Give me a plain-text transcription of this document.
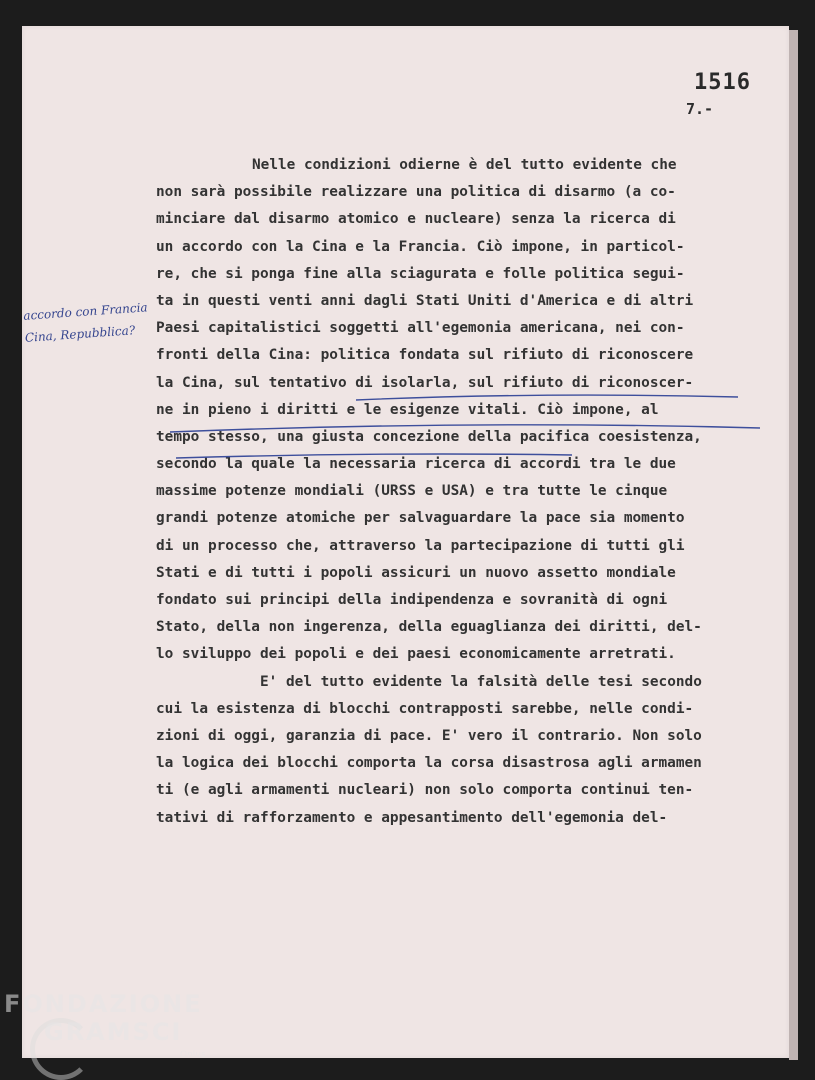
1516
7.-
accordo con Francia
Cina, Repubblica?
Nelle condizioni odierne è del tutto evidente che
non sarà possibile realizzare una politica di disarmo (a co-
minciare dal disarmo atomico e nucleare) senza la ricerca di
un accordo con la Cina e la Francia. Ciò impone, in particol-
re, che si ponga fine alla sciagurata e folle politica segui-
ta in questi venti anni dagli Stati Uniti d'America e di altri
Paesi capitalistici soggetti all'egemonia americana, nei con-
fronti della Cina: politica fondata sul rifiuto di riconoscere
la Cina, sul tentativo di isolarla, sul rifiuto di riconoscer-
ne in pieno i diritti e le esigenze vitali. Ciò impone, al
tempo stesso, una giusta concezione della pacifica coesistenza,
secondo la quale la necessaria ricerca di accordi tra le due
massime potenze mondiali (URSS e USA) e tra tutte le cinque
grandi potenze atomiche per salvaguardare la pace sia momento
di un processo che, attraverso la partecipazione di tutti gli
Stati e di tutti i popoli assicuri un nuovo assetto mondiale
fondato sui principi della indipendenza e sovranità di ogni
Stato, della non ingerenza, della eguaglianza dei diritti, del-
lo sviluppo dei popoli e dei paesi economicamente arretrati.
E' del tutto evidente la falsità delle tesi secondo
cui la esistenza di blocchi contrapposti sarebbe, nelle condi-
zioni di oggi, garanzia di pace. E' vero il contrario. Non solo
la logica dei blocchi comporta la corsa disastrosa agli armamen
ti (e agli armamenti nucleari) non solo comporta continui ten-
tativi di rafforzamento e appesantimento dell'egemonia del-
FONDAZIONE
GRAMSCI
Onlus
